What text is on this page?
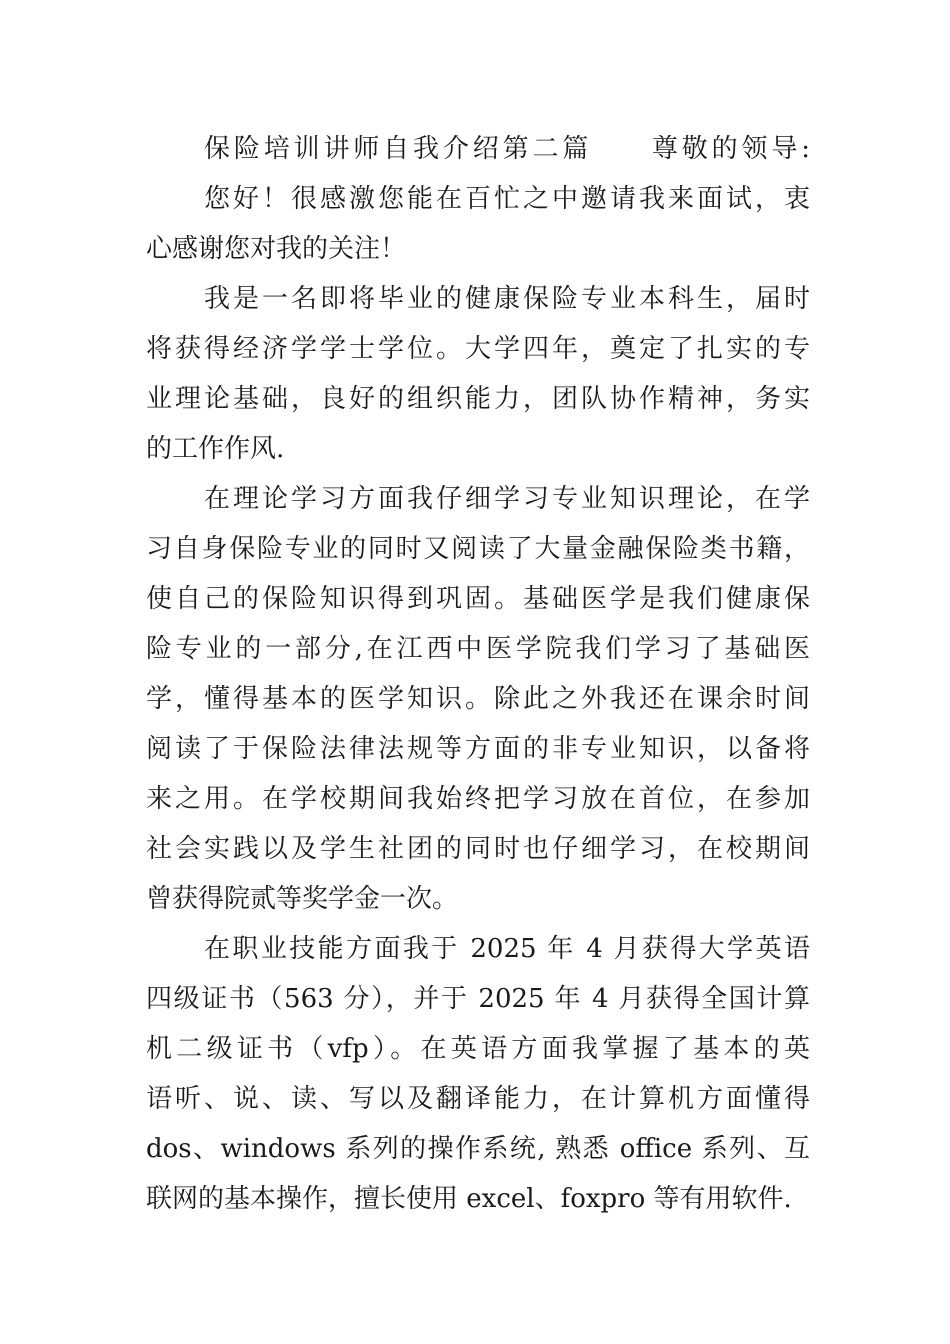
保险培训讲师自我介绍第二篇　　尊敬的领导:
您好！很感激您能在百忙之中邀请我来面试，衷
心感谢您对我的关注！
我是一名即将毕业的健康保险专业本科生，届时
将获得经济学学士学位。大学四年，奠定了扎实的专
业理论基础，良好的组织能力，团队协作精神，务实
的工作作风.
在理论学习方面我仔细学习专业知识理论，在学
习自身保险专业的同时又阅读了大量金融保险类书籍，
使自己的保险知识得到巩固。基础医学是我们健康保
险专业的一部分,在江西中医学院我们学习了基础医
学，懂得基本的医学知识。除此之外我还在课余时间
阅读了于保险法律法规等方面的非专业知识，以备将
来之用。在学校期间我始终把学习放在首位，在参加
社会实践以及学生社团的同时也仔细学习，在校期间
曾获得院贰等奖学金一次。
在职业技能方面我于 2025 年 4 月获得大学英语
四级证书（563 分），并于 2025 年 4 月获得全国计算
机二级证书（vfp）。在英语方面我掌握了基本的英
语听、说、读、写以及翻译能力，在计算机方面懂得
dos、windows 系列的操作系统, 熟悉 office 系列、互
联网的基本操作，擅长使用 excel、foxpro 等有用软件.
